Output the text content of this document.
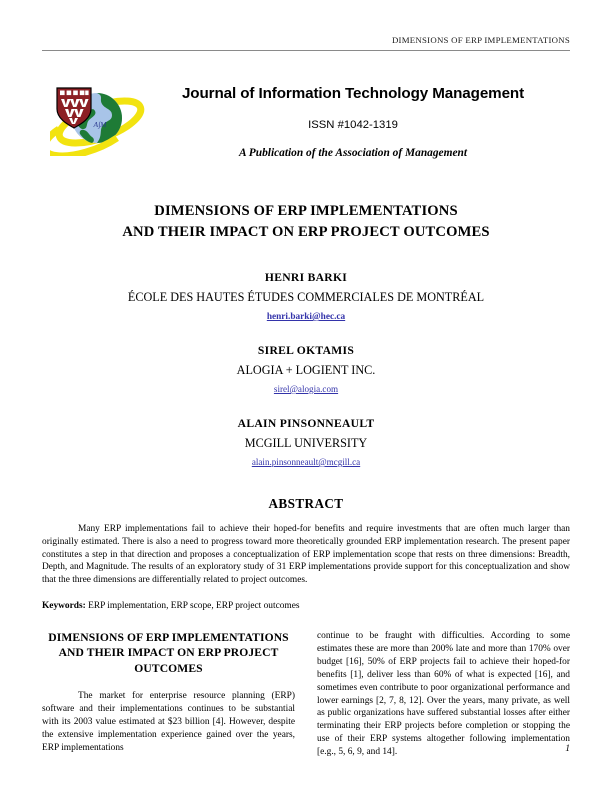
DIMENSIONS OF ERP IMPLEMENTATIONS
A∫M
Journal of Information Technology Management
ISSN #1042-1319
A Publication of the Association of Management
DIMENSIONS OF ERP IMPLEMENTATIONS
AND THEIR IMPACT ON ERP PROJECT OUTCOMES
HENRI BARKI
ÉCOLE DES HAUTES ÉTUDES COMMERCIALES DE MONTRÉAL
henri.barki@hec.ca
SIREL OKTAMIS
ALOGIA + LOGIENT INC.
sirel@alogia.com
ALAIN PINSONNEAULT
MCGILL UNIVERSITY
alain.pinsonneault@mcgill.ca
ABSTRACT
Many ERP implementations fail to achieve their hoped-for benefits and require investments that are often much larger than originally estimated. There is also a need to progress toward more theoretically grounded ERP implementation research. The present paper constitutes a step in that direction and proposes a conceptualization of ERP implementation scope that rests on three dimensions: Breadth, Depth, and Magnitude. The results of an exploratory study of 31 ERP implementations provide support for this conceptualization and show that the three dimensions are differentially related to project outcomes.
Keywords: ERP implementation, ERP scope, ERP project outcomes
DIMENSIONS OF ERP IMPLEMENTATIONS AND THEIR IMPACT ON ERP PROJECT OUTCOMES

The market for enterprise resource planning (ERP) software and their implementations continues to be substantial with its 2003 value estimated at $23 billion [4]. However, despite the extensive implementation experience gained over the years, ERP implementations

continue to be fraught with difficulties. According to some estimates these are more than 200% late and more than 170% over budget [16], 50% of ERP projects fail to achieve their hoped-for benefits [1], deliver less than 60% of what is expected [16], and sometimes even contribute to poor organizational performance and lower earnings [2, 7, 8, 12]. Over the years, many private, as well as public organizations have suffered substantial losses after either terminating their ERP projects before completion or stopping the use of their ERP systems altogether following implementation [e.g., 5, 6, 9, and 14].	1
